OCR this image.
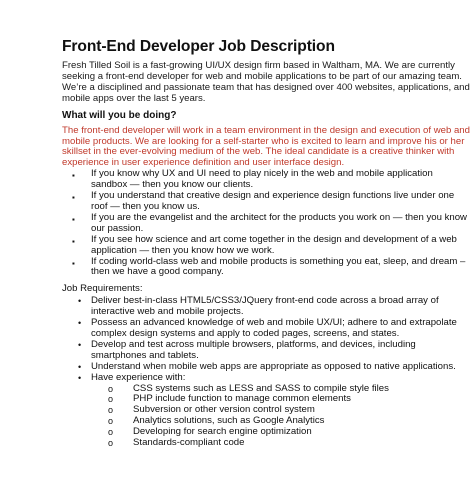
Front-End Developer Job Description

Fresh Tilled Soil is a fast-growing UI/UX design firm based in Waltham, MA. We are currently
seeking a front-end developer for web and mobile applications to be part of our amazing team.
We’re a disciplined and passionate team that has designed over 400 websites, applications, and
mobile apps over the last 5 years.

What will you be doing?

The front-end developer will work in a team environment in the design and execution of web and
mobile products. We are looking for a self-starter who is excited to learn and improve his or her
skillset in the ever-evolving medium of the web. The ideal candidate is a creative thinker with
experience in user experience definition and user interface design.

▪ If you know why UX and UI need to play nicely in the web and mobile application
sandbox — then you know our clients.
▪ If you understand that creative design and experience design functions live under one
roof — then you know us.
▪ If you are the evangelist and the architect for the products you work on — then you know
our passion.
▪ If you see how science and art come together in the design and development of a web
application — then you know how we work.
▪ If coding world-class web and mobile products is something you eat, sleep, and dream –
then we have a good company.
Job Requirements:
• Deliver best-in-class HTML5/CSS3/JQuery front-end code across a broad array of
interactive web and mobile projects.
• Possess an advanced knowledge of web and mobile UX/UI; adhere to and extrapolate
complex design systems and apply to coded pages, screens, and states.
• Develop and test across multiple browsers, platforms, and devices, including
smartphones and tablets.
• Understand when mobile web apps are appropriate as opposed to native applications.
• Have experience with:
o CSS systems such as LESS and SASS to compile style files
o PHP include function to manage common elements
o Subversion or other version control system
o Analytics solutions, such as Google Analytics
o Developing for search engine optimization
o Standards-compliant code
